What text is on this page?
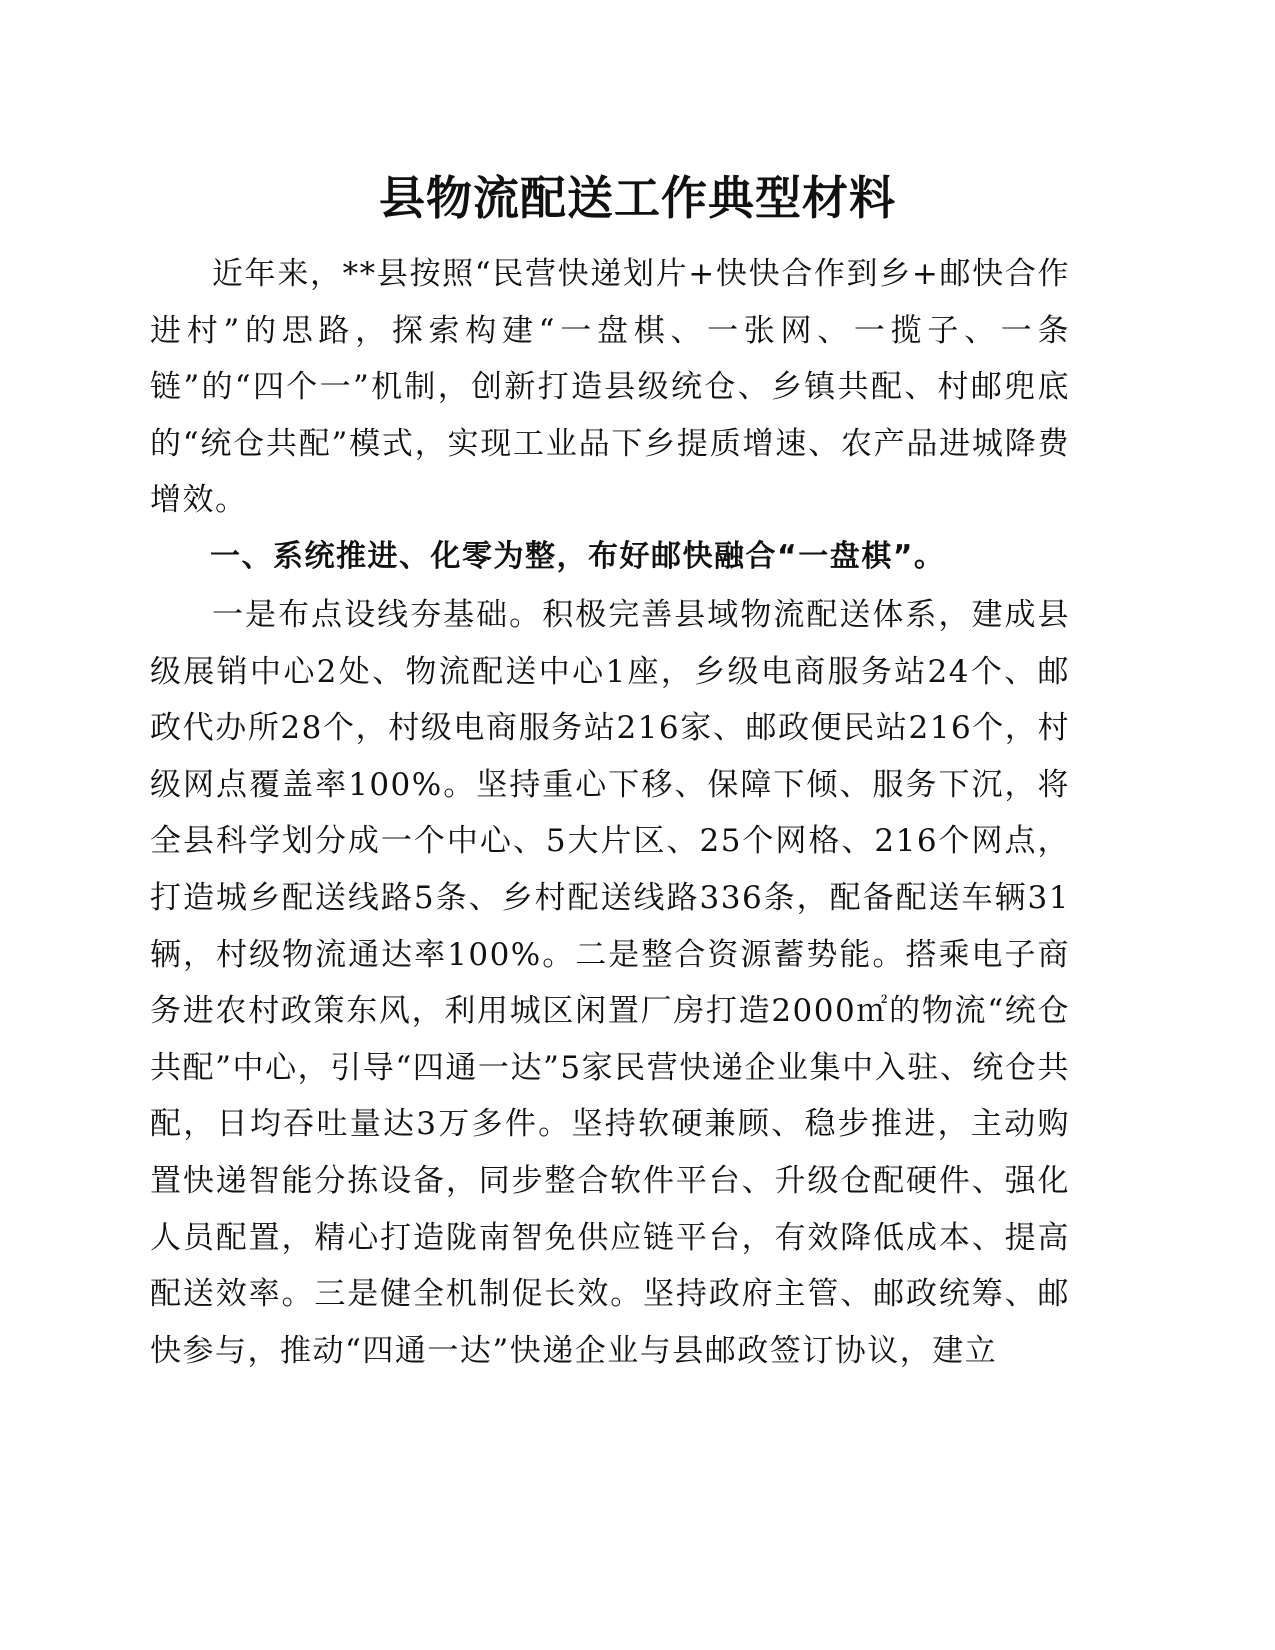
县物流配送工作典型材料

近年来，**县按照“民营快递划片+快快合作到乡+邮快合作进村”的思路，探索构建“一盘棋、一张网、一揽子、一条链”的“四个一”机制，创新打造县级统仓、乡镇共配、村邮兜底的“统仓共配”模式，实现工业品下乡提质增速、农产品进城降费增效。

一、系统推进、化零为整，布好邮快融合“一盘棋”。

一是布点设线夯基础。积极完善县域物流配送体系，建成县级展销中心2处、物流配送中心1座，乡级电商服务站24个、邮政代办所28个，村级电商服务站216家、邮政便民站216个，村级网点覆盖率100%。坚持重心下移、保障下倾、服务下沉，将全县科学划分成一个中心、5大片区、25个网格、216个网点，打造城乡配送线路5条、乡村配送线路336条，配备配送车辆31辆，村级物流通达率100%。二是整合资源蓄势能。搭乘电子商务进农村政策东风，利用城区闲置厂房打造2000㎡的物流“统仓共配”中心，引导“四通一达”5家民营快递企业集中入驻、统仓共配，日均吞吐量达3万多件。坚持软硬兼顾、稳步推进，主动购置快递智能分拣设备，同步整合软件平台、升级仓配硬件、强化人员配置，精心打造陇南智免供应链平台，有效降低成本、提高配送效率。三是健全机制促长效。坚持政府主管、邮政统筹、邮快参与，推动“四通一达”快递企业与县邮政签订协议，建立
